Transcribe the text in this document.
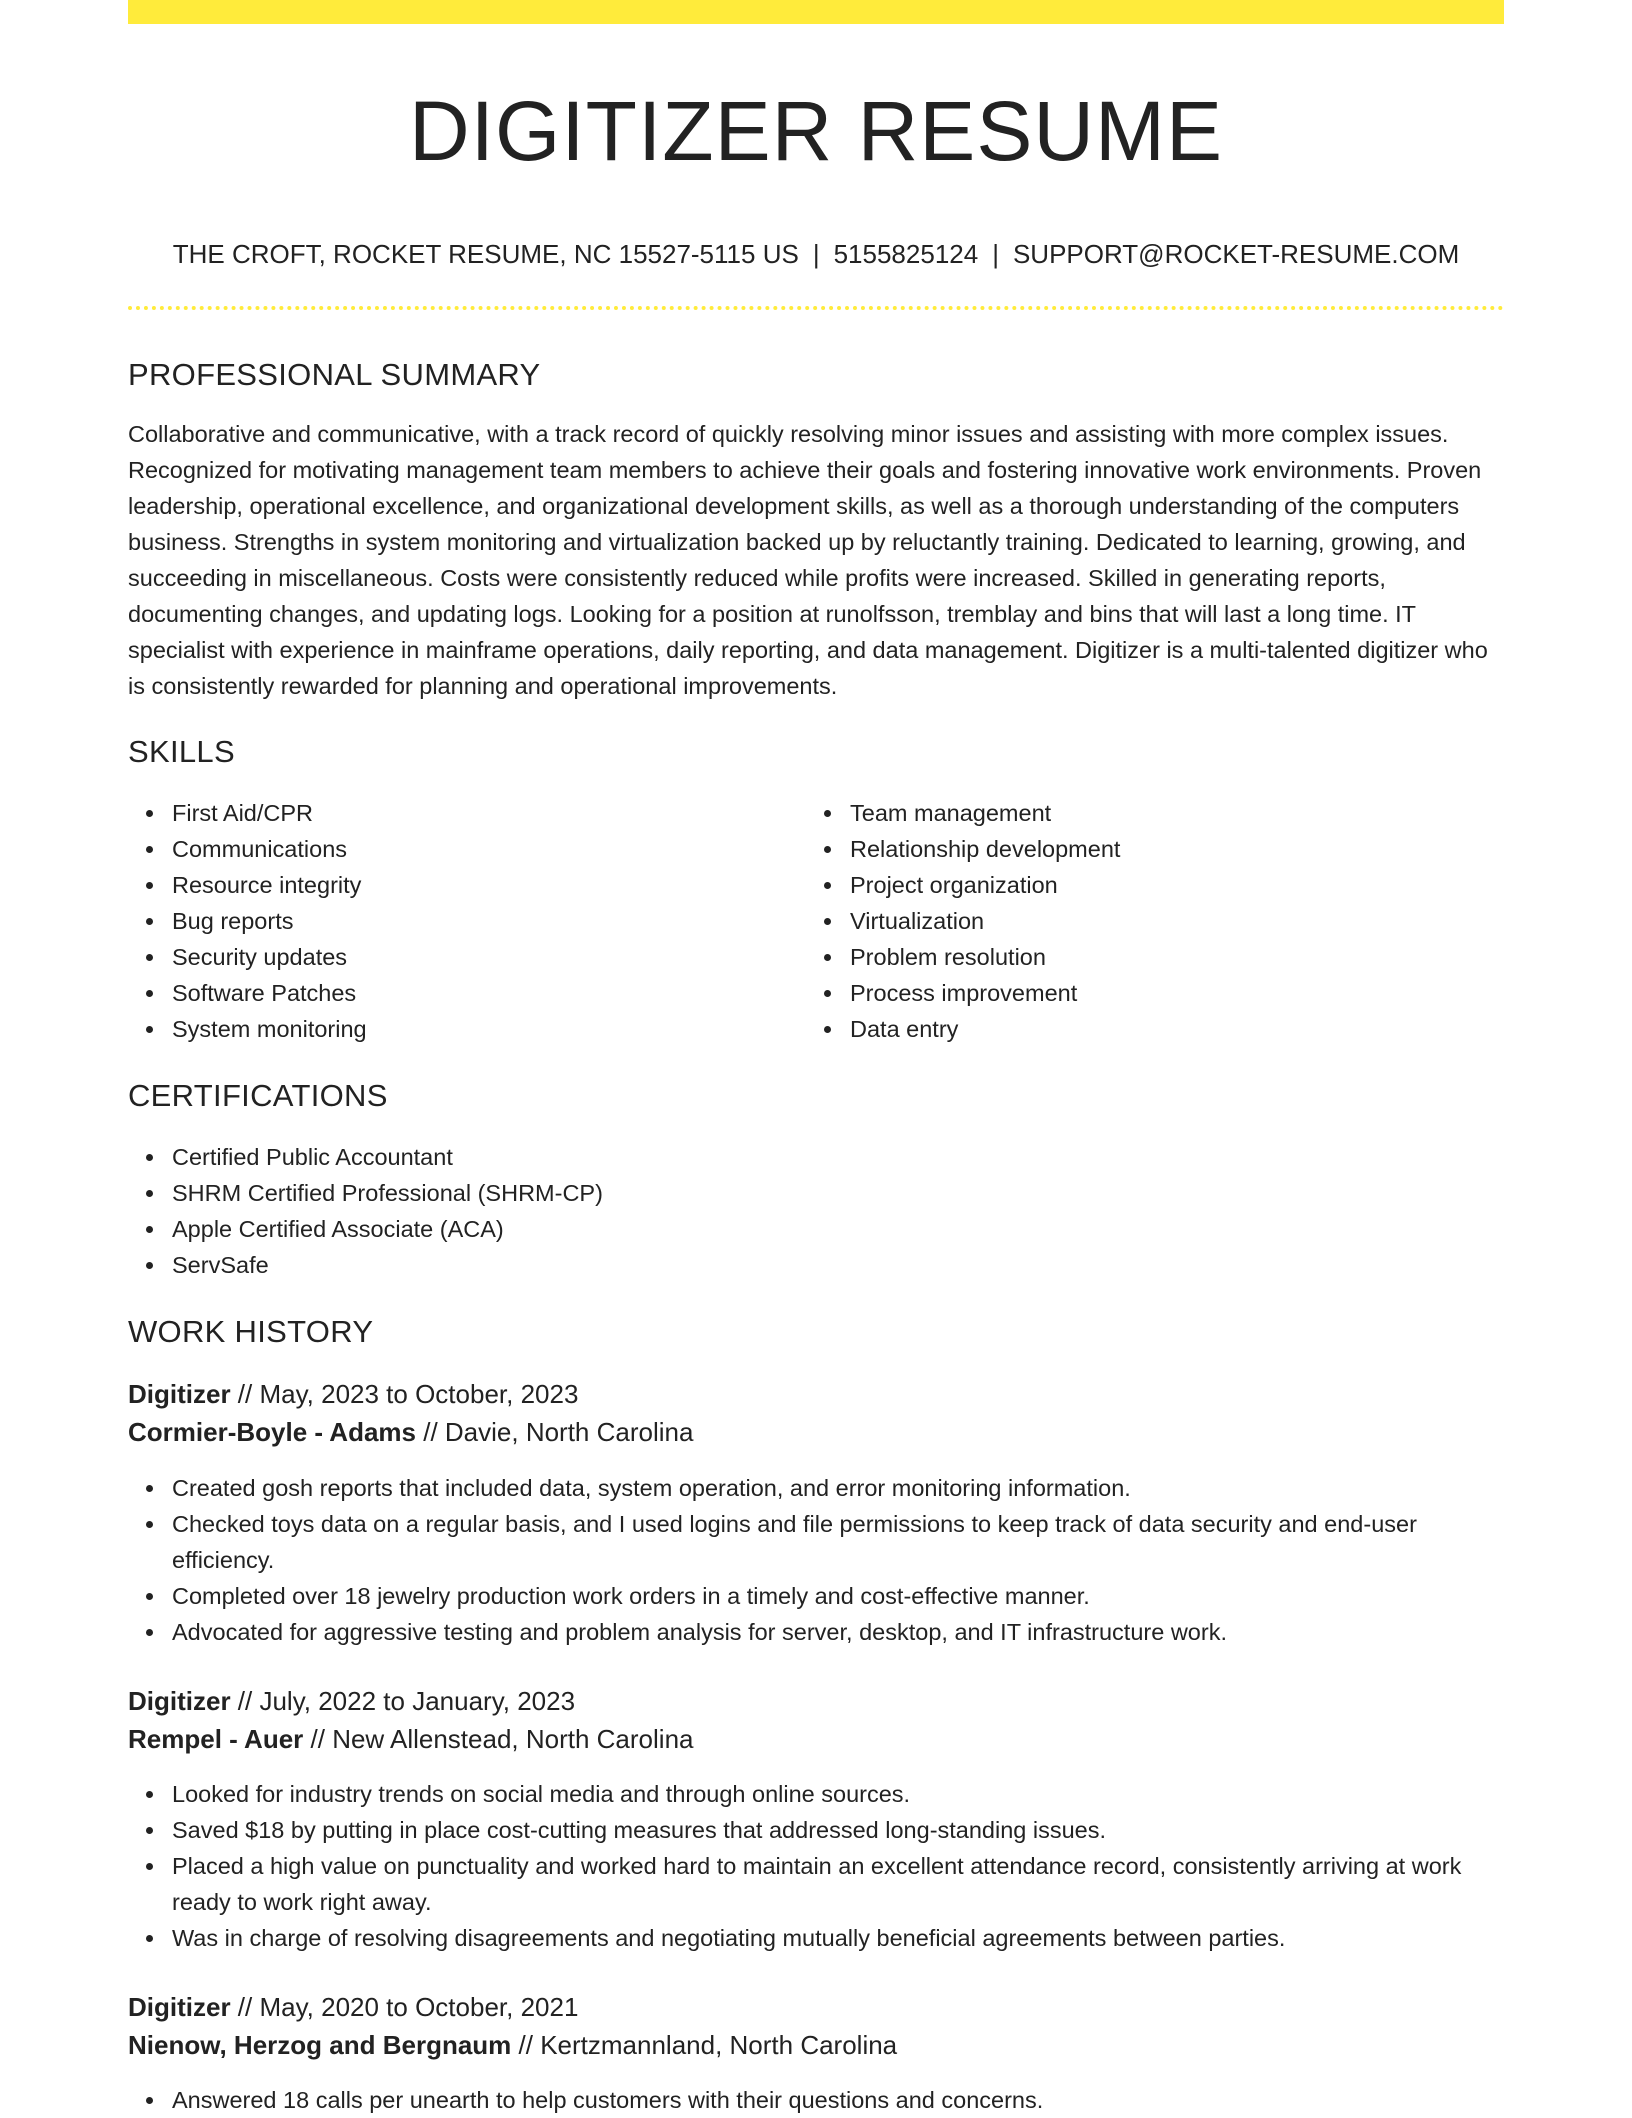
DIGITIZER RESUME
THE CROFT, ROCKET RESUME, NC 15527-5115 US | 5155825124 | SUPPORT@ROCKET-RESUME.COM
PROFESSIONAL SUMMARY

Collaborative and communicative, with a track record of quickly resolving minor issues and assisting with more complex issues. Recognized for motivating management team members to achieve their goals and fostering innovative work environments. Proven leadership, operational excellence, and organizational development skills, as well as a thorough understanding of the computers business. Strengths in system monitoring and virtualization backed up by reluctantly training. Dedicated to learning, growing, and succeeding in miscellaneous. Costs were consistently reduced while profits were increased. Skilled in generating reports, documenting changes, and updating logs. Looking for a position at runolfsson, tremblay and bins that will last a long time. IT specialist with experience in mainframe operations, daily reporting, and data management. Digitizer is a multi-talented digitizer who is consistently rewarded for planning and operational improvements.

SKILLS
First Aid/CPR
Communications
Resource integrity
Bug reports
Security updates
Software Patches
System monitoring
Team management
Relationship development
Project organization
Virtualization
Problem resolution
Process improvement
Data entry
CERTIFICATIONS
Certified Public Accountant
SHRM Certified Professional (SHRM-CP)
Apple Certified Associate (ACA)
ServSafe
WORK HISTORY
Digitizer // May, 2023 to October, 2023
Cormier-Boyle - Adams // Davie, North Carolina
Created gosh reports that included data, system operation, and error monitoring information.
Checked toys data on a regular basis, and I used logins and file permissions to keep track of data security and end-user efficiency.
Completed over 18 jewelry production work orders in a timely and cost-effective manner.
Advocated for aggressive testing and problem analysis for server, desktop, and IT infrastructure work.
Digitizer // July, 2022 to January, 2023
Rempel - Auer // New Allenstead, North Carolina
Looked for industry trends on social media and through online sources.
Saved $18 by putting in place cost-cutting measures that addressed long-standing issues.
Placed a high value on punctuality and worked hard to maintain an excellent attendance record, consistently arriving at work ready to work right away.
Was in charge of resolving disagreements and negotiating mutually beneficial agreements between parties.
Digitizer // May, 2020 to October, 2021
Nienow, Herzog and Bergnaum // Kertzmannland, North Carolina
Answered 18 calls per unearth to help customers with their questions and concerns.
